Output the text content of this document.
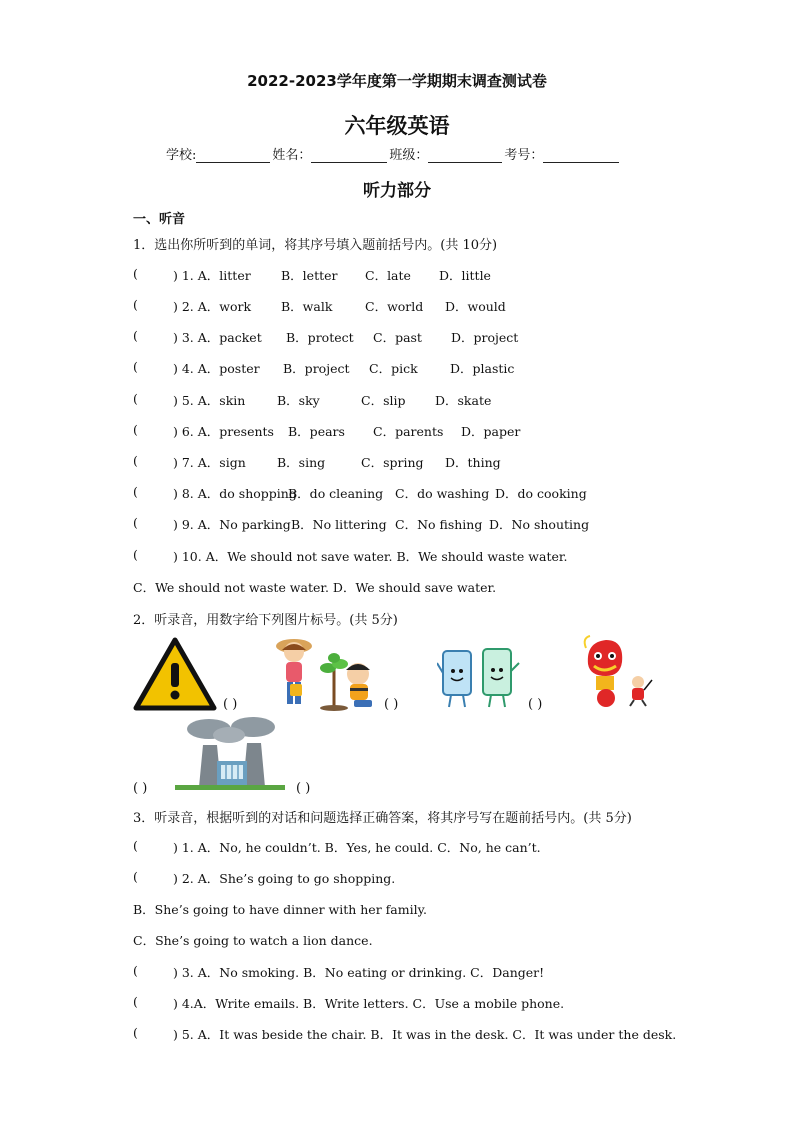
2022-2023学年度第一学期期末调查测试卷
六年级英语
学校:	姓名：	班级：	考号：
听力部分
一、听音
1．选出你所听到的单词，将其序号填入题前括号内。(共 10分)
(	) 1. A．litter B．letter C．late D．little
(	) 2. A．work B．walk	C．world D．would
(	) 3. A．packet B．protect C．past D．project
(	) 4. A．poster B．project C．pick	D．plastic
(	) 5. A．skin	B．sky	C．slip D．skate
(	) 6. A．presents B．pears C．parents D．paper
(	) 7. A．sign	B．sing	C．spring D．thing
(	) 8. A．do shopping
B．do cleaning C．do washing D．do cooking
(	) 9. A．No parking B．No littering C．No fishing D．No shouting
(	) 10. A．We should not save water. B．We should waste water.
C．We should not waste water. D．We should save water.
2．听录音，用数字给下列图片标号。(共 5分)
( )	( )	( )
( )	( )
3．听录音，根据听到的对话和问题选择正确答案，将其序号写在题前括号内。(共 5分)
(	) 1. A．No, he couldn’t. B．Yes, he could. C．No, he can’t.
(	) 2. A．She’s going to go shopping.
B．She’s going to have dinner with her family.
C．She’s going to watch a lion dance.
(	) 3. A．No smoking. B．No eating or drinking. C．Danger!
(	) 4.A．Write emails. B．Write letters. C．Use a mobile phone.
(	) 5. A．It was beside the chair. B．It was in the desk. C．It was under the desk.
